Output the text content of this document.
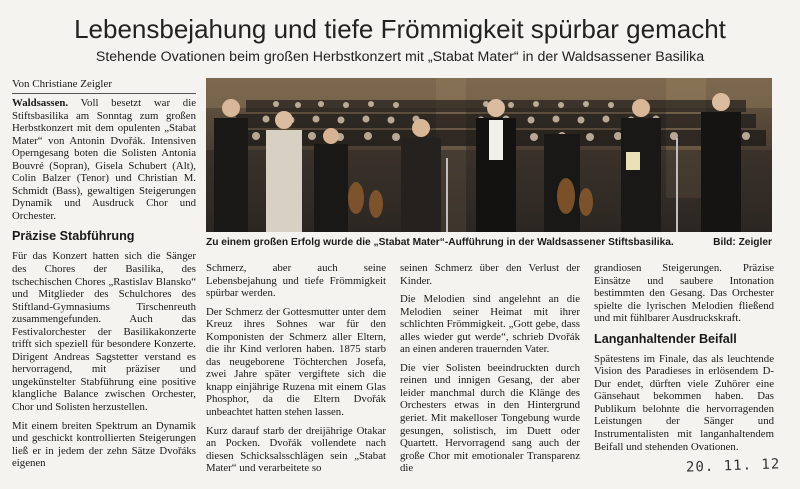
Lebensbejahung und tiefe Frömmigkeit spürbar gemacht
Stehende Ovationen beim großen Herbstkonzert mit „Stabat Mater“ in der Waldsassener Basilika
Von Christiane Zeigler

Waldsassen. Voll besetzt war die Stiftsbasilika am Sonntag zum großen Herbstkonzert mit dem opulenten „Stabat Mater“ von Antonin Dvořák. Intensiven Operngesang boten die Solisten Antonia Bouvré (Sopran), Gisela Schubert (Alt), Colin Balzer (Tenor) und Christian M. Schmidt (Bass), gewaltigen Steigerungen Dynamik und Ausdruck Chor und Orchester.

Präzise Stabführung

Für das Konzert hatten sich die Sänger des Chores der Basilika, des tschechischen Chores „Rastislav Blansko“ und Mitglieder des Schulchores des Stiftland-Gymnasiums Tirschenreuth zusammengefunden. Auch das Festivalorchester der Basilikakonzerte trifft sich speziell für besondere Konzerte. Dirigent Andreas Sagstetter verstand es hervorragend, mit präziser und ungekünstelter Stabführung eine positive klangliche Balance zwischen Orchester, Chor und Solisten herzustellen.

Mit einem breiten Spektrum an Dynamik und geschickt kontrollierten Steigerungen ließ er in jedem der zehn Sätze Dvořáks eigenen

Zu einem großen Erfolg wurde die „Stabat Mater“-Aufführung in der Waldsassener Stiftsbasilika.	Bild: Zeigler

Schmerz, aber auch seine Lebensbejahung und tiefe Frömmigkeit spürbar werden.

Der Schmerz der Gottesmutter unter dem Kreuz ihres Sohnes war für den Komponisten der Schmerz aller Eltern, die ihr Kind verloren haben. 1875 starb das neugeborene Töchterchen Josefa, zwei Jahre später vergiftete sich die knapp einjährige Ruzena mit einem Glas Phosphor, da die Eltern Dvořák unbeachtet hatten stehen lassen.

Kurz darauf starb der dreijährige Otakar an Pocken. Dvořák vollendete nach diesen Schicksalsschlägen sein „Stabat Mater“ und verarbeitete so

seinen Schmerz über den Verlust der Kinder.

Die Melodien sind angelehnt an die Melodien seiner Heimat mit ihrer schlichten Frömmigkeit. „Gott gebe, dass alles wieder gut werde“, schrieb Dvořák an einen anderen trauernden Vater.

Die vier Solisten beeindruckten durch reinen und innigen Gesang, der aber leider manchmal durch die Klänge des Orchesters etwas in den Hintergrund geriet. Mit makelloser Tongebung wurde gesungen, solistisch, im Duett oder Quartett. Hervorragend sang auch der große Chor mit emotionaler Transparenz die

grandiosen Steigerungen. Präzise Einsätze und saubere Intonation bestimmten den Gesang. Das Orchester spielte die lyrischen Melodien fließend und mit fühlbarer Ausdruckskraft.

Langanhaltender Beifall

Spätestens im Finale, das als leuchtende Vision des Paradieses in erlösendem D-Dur endet, dürften viele Zuhörer eine Gänsehaut bekommen haben. Das Publikum belohnte die hervorragenden Leistungen der Sänger und Instrumentalisten mit langanhaltendem Beifall und stehenden Ovationen.

20. 11. 12
